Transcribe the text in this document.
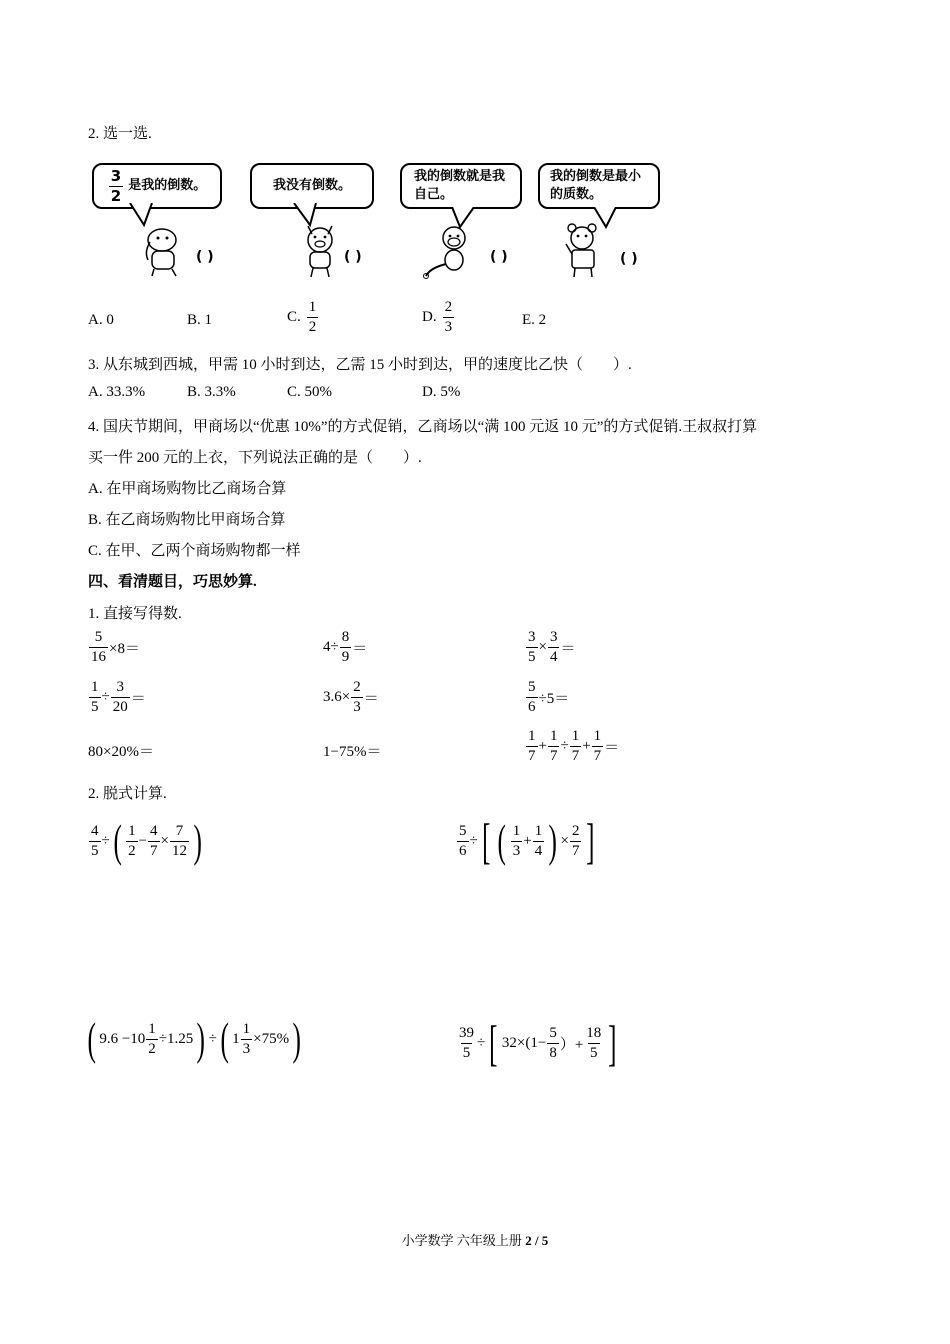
2. 选一选.
$\frac{3}{2}$ 是我的倒数。	我没有倒数。
我的倒数就是我
自己。
我的倒数是最小
的质数。
( )	( )	( )	( )
A. 0	B. 1	C. $\frac{1}{2}$	D. $\frac{2}{3}$	E. 2
3. 从东城到西城，甲需 10 小时到达，乙需 15 小时到达，甲的速度比乙快（　　）.
A. 33.3%	B. 3.3%	C. 50%	D. 5%
4. 国庆节期间，甲商场以“优惠 10%”的方式促销，乙商场以“满 100 元返 10 元”的方式促销.王叔叔打算
买一件 200 元的上衣，下列说法正确的是（　　）.
A. 在甲商场购物比乙商场合算
B. 在乙商场购物比甲商场合算
C. 在甲、乙两个商场购物都一样
四、看清题目，巧思妙算.
1. 直接写得数.
$\frac{5}{16} \times 8=$	$4\div \frac{8}{9}$ ＝	$\frac{3}{5} \times \frac{3}{4}$ ＝
$\frac{1}{5} \div \frac{3}{20}$ ＝	$3.6\times \frac{2}{3}$ ＝	$\frac{5}{6} \div 5=$
80×20%＝	1−75%＝	$\frac{1}{7} + \frac{1}{7} \div \frac{1}{7} + \frac{1}{7}$ ＝
2. 脱式计算.
$\frac{4}{5}$ ÷ ( $\frac{1}{2} - \frac{4}{7} \times \frac{7}{12}$ )	$\frac{5}{6}$ ÷ [ ( $\frac{1}{3} + \frac{1}{4}$ ) × $\frac{2}{7}$ ]
( $9.6 -10 \frac{1}{2} \div 1.25$ ) ÷ ( $1 \frac{1}{3} \times 75\%$ )	$\frac{39}{5}$ ÷ [ $32\times(1- \frac{5}{8}$ ）+ $\frac{18}{5}$ ]
小学数学 六年级上册 2 / 5
